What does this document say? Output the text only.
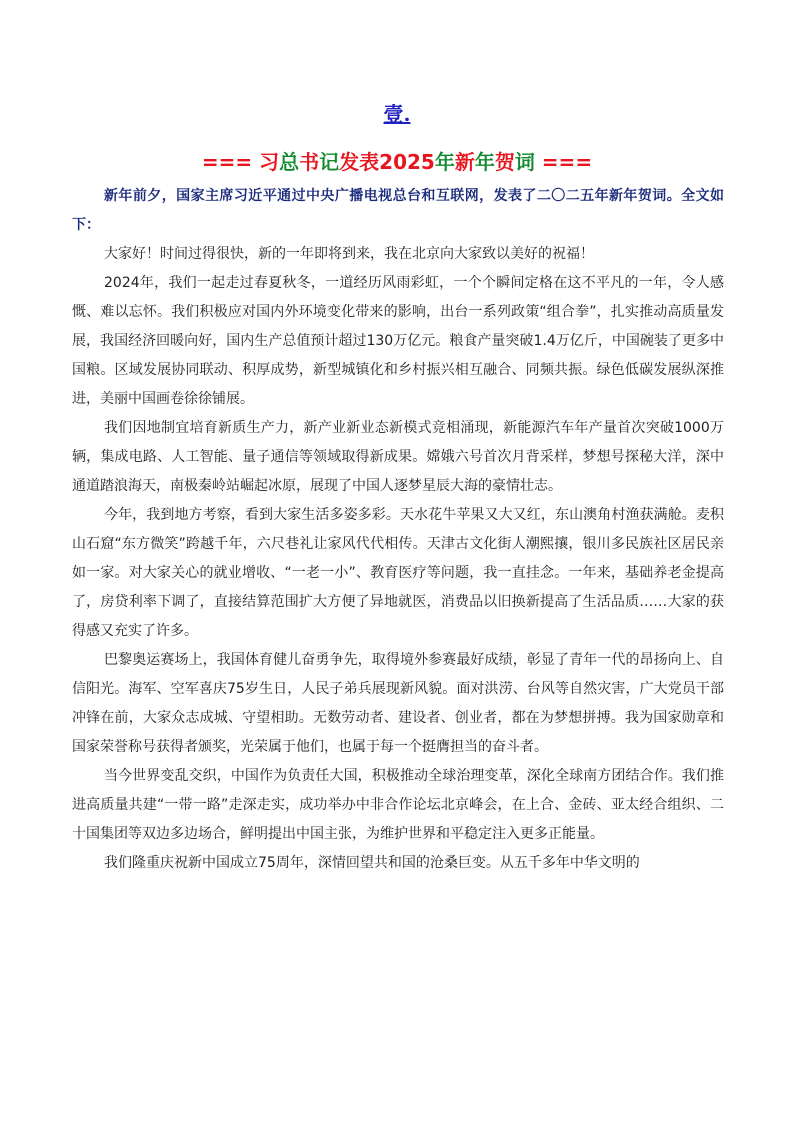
壹.
=== 习总书记发表2025年新年贺词 ===

新年前夕，国家主席习近平通过中央广播电视总台和互联网，发表了二〇二五年新年贺词。全文如下：

大家好！时间过得很快，新的一年即将到来，我在北京向大家致以美好的祝福！

2024年，我们一起走过春夏秋冬，一道经历风雨彩虹，一个个瞬间定格在这不平凡的一年，令人感慨、难以忘怀。我们积极应对国内外环境变化带来的影响，出台一系列政策“组合拳”，扎实推动高质量发展，我国经济回暖向好，国内生产总值预计超过130万亿元。粮食产量突破1.4万亿斤，中国碗装了更多中国粮。区域发展协同联动、积厚成势，新型城镇化和乡村振兴相互融合、同频共振。绿色低碳发展纵深推进，美丽中国画卷徐徐铺展。

我们因地制宜培育新质生产力，新产业新业态新模式竞相涌现，新能源汽车年产量首次突破1000万辆，集成电路、人工智能、量子通信等领域取得新成果。嫦娥六号首次月背采样，梦想号探秘大洋，深中通道踏浪海天，南极秦岭站崛起冰原，展现了中国人逐梦星辰大海的豪情壮志。

今年，我到地方考察，看到大家生活多姿多彩。天水花牛苹果又大又红，东山澳角村渔获满舱。麦积山石窟“东方微笑”跨越千年，六尺巷礼让家风代代相传。天津古文化街人潮熙攘，银川多民族社区居民亲如一家。对大家关心的就业增收、“一老一小”、教育医疗等问题，我一直挂念。一年来，基础养老金提高了，房贷利率下调了，直接结算范围扩大方便了异地就医，消费品以旧换新提高了生活品质……大家的获得感又充实了许多。

巴黎奥运赛场上，我国体育健儿奋勇争先，取得境外参赛最好成绩，彰显了青年一代的昂扬向上、自信阳光。海军、空军喜庆75岁生日，人民子弟兵展现新风貌。面对洪涝、台风等自然灾害，广大党员干部冲锋在前，大家众志成城、守望相助。无数劳动者、建设者、创业者，都在为梦想拼搏。我为国家勋章和国家荣誉称号获得者颁奖，光荣属于他们，也属于每一个挺膺担当的奋斗者。

当今世界变乱交织，中国作为负责任大国，积极推动全球治理变革，深化全球南方团结合作。我们推进高质量共建“一带一路”走深走实，成功举办中非合作论坛北京峰会，在上合、金砖、亚太经合组织、二十国集团等双边多边场合，鲜明提出中国主张，为维护世界和平稳定注入更多正能量。

我们隆重庆祝新中国成立75周年，深情回望共和国的沧桑巨变。从五千多年中华文明的
